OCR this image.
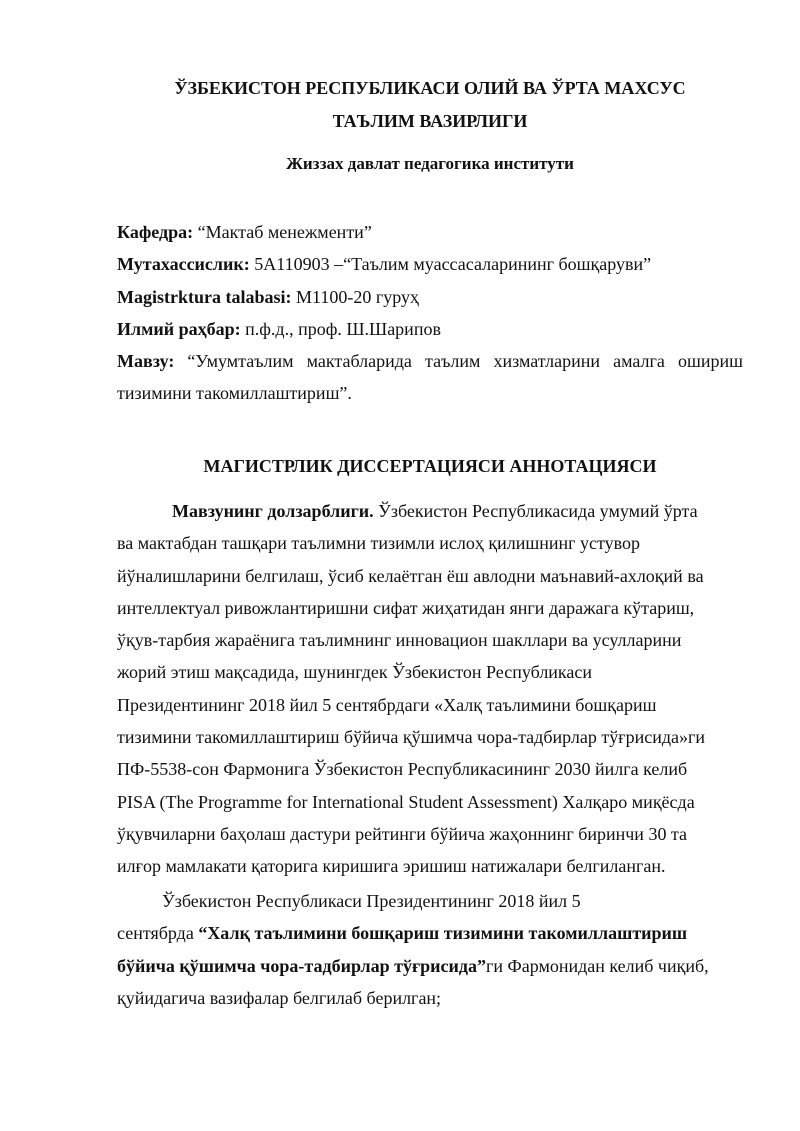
ЎЗБЕКИСТОН РЕСПУБЛИКАСИ ОЛИЙ ВА ЎРТА МАХСУС
ТАЪЛИМ ВАЗИРЛИГИ
Жиззах давлат педагогика институти

Кафедра: “Мактаб менежменти”

Мутахассислик: 5A110903 –“Таълим муассасаларининг бошқаруви”

Magistrktura talabasi: M1100-20 гуруҳ

Илмий раҳбар: п.ф.д., проф. Ш.Шарипов

Мавзу: “Умумтаълим мактабларида таълим хизматларини амалга ошириш

тизимини такомиллаштириш”.

МАГИСТРЛИК ДИССЕРТАЦИЯСИ АННОТАЦИЯСИ

Мавзунинг долзарблиги. Ўзбекистон Республикасида умумий ўрта

ва мактабдан ташқари таълимни тизимли ислоҳ қилишнинг устувор

йўналишларини белгилаш, ўсиб келаётган ёш авлодни маънавий-ахлоқий ва

интеллектуал ривожлантиришни сифат жиҳатидан янги даражага кўтариш,

ўқув-тарбия жараёнига таълимнинг инновацион шакллари ва усулларини

жорий этиш мақсадида, шунингдек Ўзбекистон Республикаси

Президентининг 2018 йил 5 сентябрдаги «Халқ таълимини бошқариш

тизимини такомиллаштириш бўйича қўшимча чора-тадбирлар тўғрисида»ги

ПФ-5538-сон Фармонига Ўзбекистон Республикасининг 2030 йилга келиб

PISA (The Programme for International Student Assessment) Халқаро миқёсда

ўқувчиларни баҳолаш дастури рейтинги бўйича жаҳоннинг биринчи 30 та

илғор мамлакати қаторига киришига эришиш натижалари белгиланган.

Ўзбекистон Республикаси Президентининг 2018 йил 5

сентябрда “Халқ таълимини бошқариш тизимини такомиллаштириш

бўйича қўшимча чора-тадбирлар тўғрисида”ги Фармонидан келиб чиқиб,

қуйидагича вазифалар белгилаб берилган;
